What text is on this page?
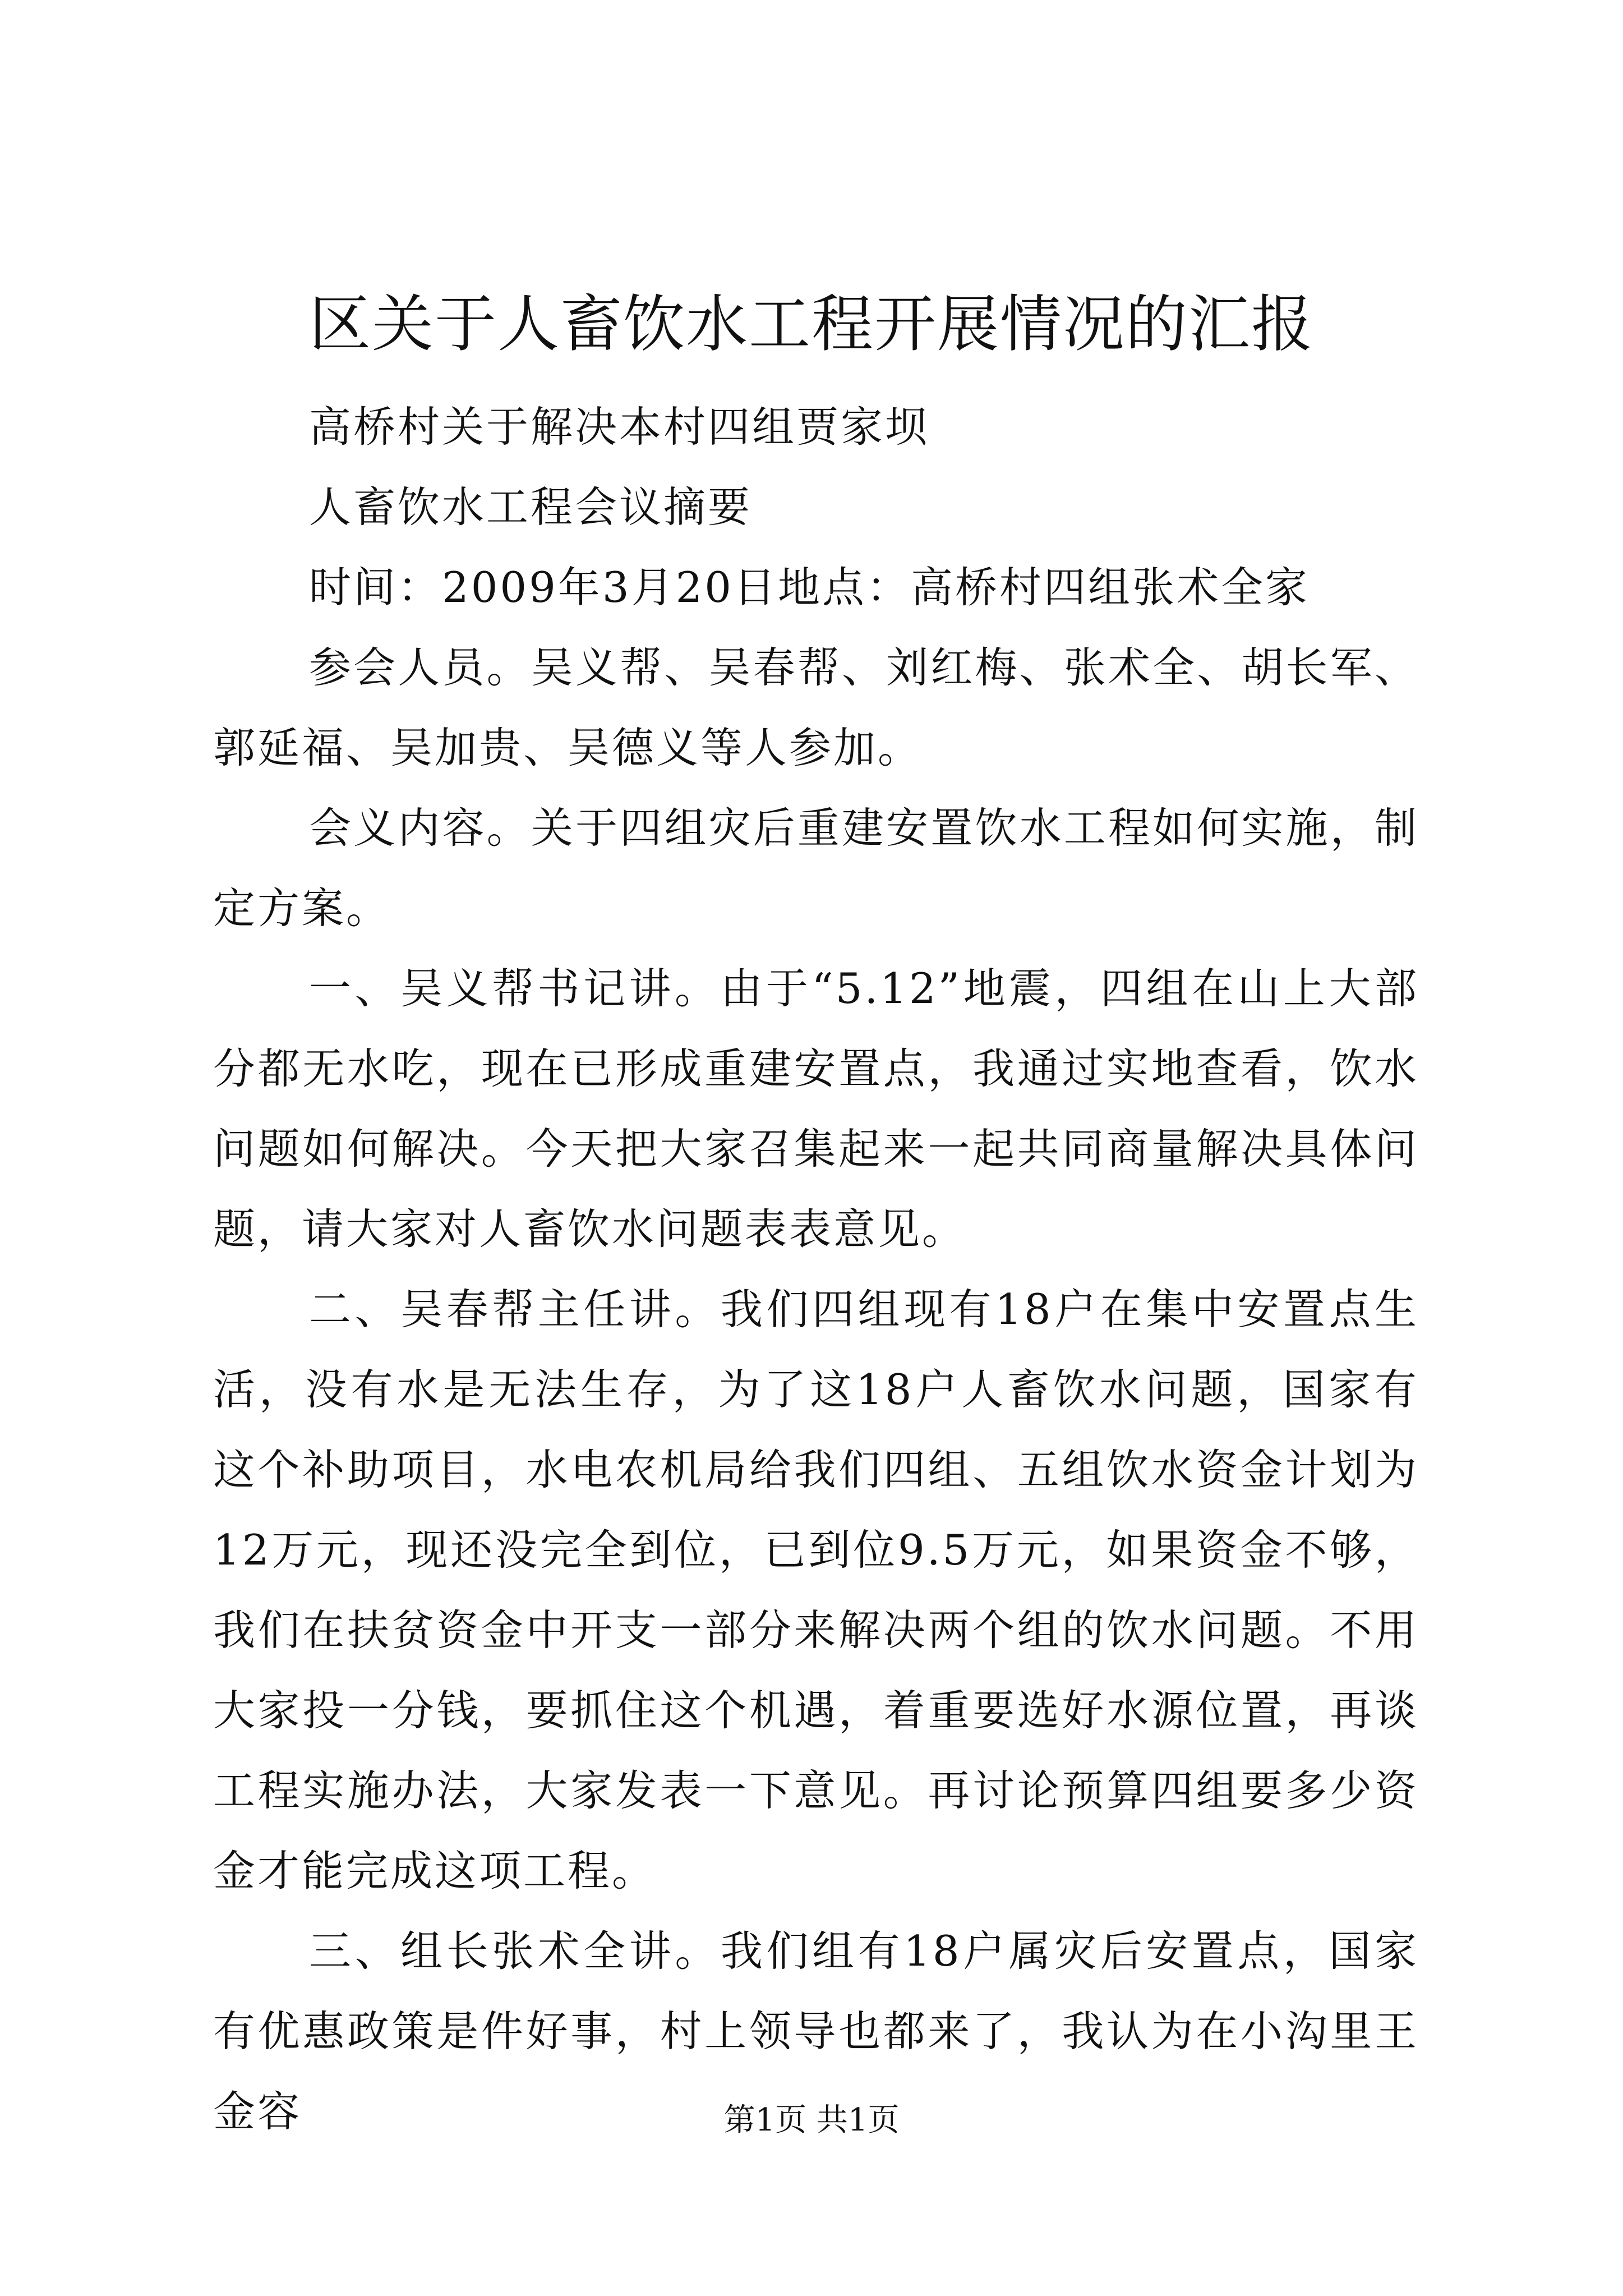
区关于人畜饮水工程开展情况的汇报

高桥村关于解决本村四组贾家坝

人畜饮水工程会议摘要

时间：2009年3月20日地点：高桥村四组张术全家

参会人员。吴义帮、吴春帮、刘红梅、张术全、胡长军、郭延福、吴加贵、吴德义等人参加。

会义内容。关于四组灾后重建安置饮水工程如何实施，制定方案。

一、吴义帮书记讲。由于“5.12”地震，四组在山上大部分都无水吃，现在已形成重建安置点，我通过实地查看，饮水问题如何解决。今天把大家召集起来一起共同商量解决具体问题，请大家对人畜饮水问题表表意见。

二、吴春帮主任讲。我们四组现有18户在集中安置点生活，没有水是无法生存，为了这18户人畜饮水问题，国家有这个补助项目，水电农机局给我们四组、五组饮水资金计划为12万元，现还没完全到位，已到位9.5万元，如果资金不够，我们在扶贫资金中开支一部分来解决两个组的饮水问题。不用大家投一分钱，要抓住这个机遇，着重要选好水源位置，再谈工程实施办法，大家发表一下意见。再讨论预算四组要多少资金才能完成这项工程。

三、组长张术全讲。我们组有18户属灾后安置点，国家有优惠政策是件好事，村上领导也都来了，我认为在小沟里王金容	第1页 共1页
